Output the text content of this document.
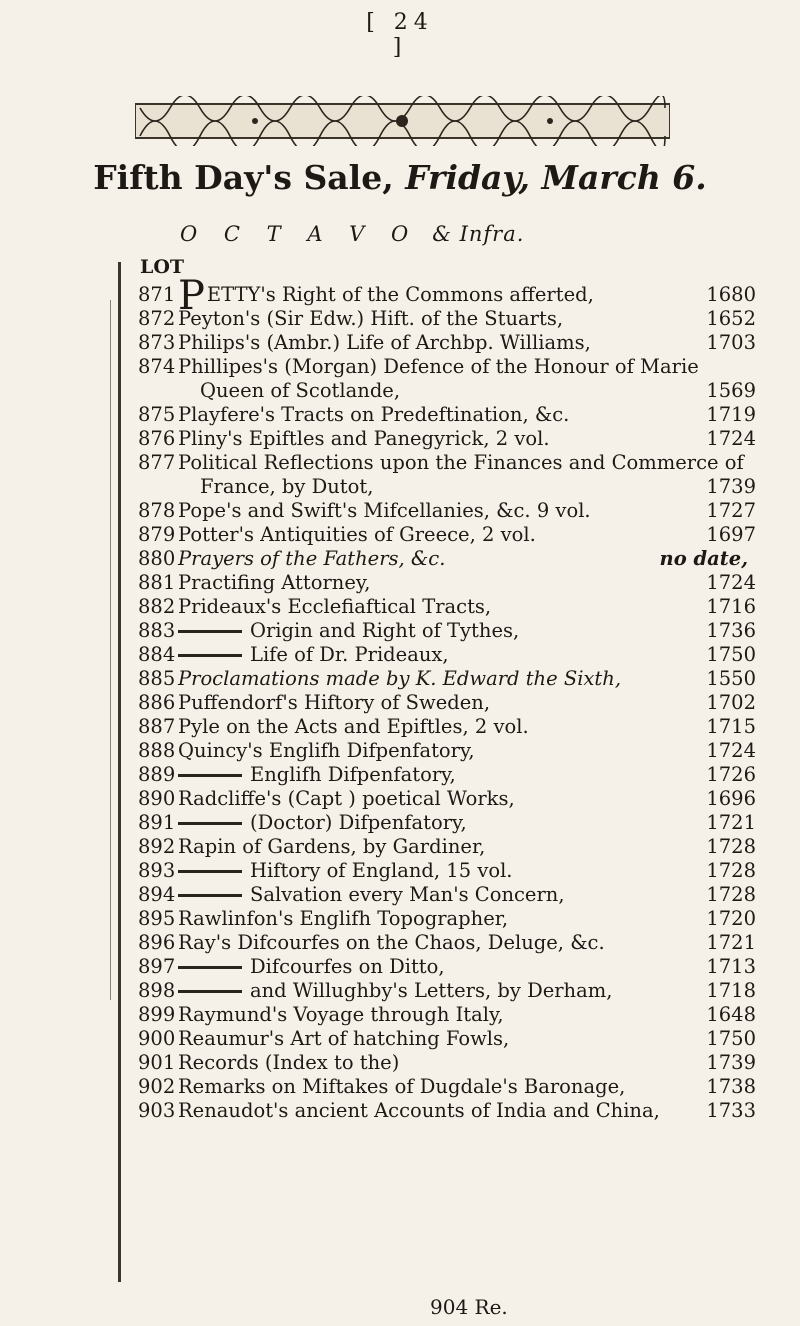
[ 24 ]
Fifth Day's Sale, Friday, March 6.
O C T A V O & Infra.
LOT
871 PETTY's Right of the Commons afferted,	1680
872 Peyton's (Sir Edw.) Hift. of the Stuarts,	1652
873 Philips's (Ambr.) Life of Archbp. Williams,	1703
874 Phillipes's (Morgan) Defence of the Honour of Marie
Queen of Scotlande,	1569
875 Playfere's Tracts on Predeftination, &c.	1719
876 Pliny's Epiftles and Panegyrick, 2 vol.	1724
877 Political Reflections upon the Finances and Commerce of
France, by Dutot,	1739
878 Pope's and Swift's Mifcellanies, &c. 9 vol.	1727
879 Potter's Antiquities of Greece, 2 vol.	1697
880 Prayers of the Fathers, &c.	no date,
881 Practifing Attorney,	1724
882 Prideaux's Ecclefiaftical Tracts,	1716
883	Origin and Right of Tythes,	1736
884	Life of Dr. Prideaux,	1750
885 Proclamations made by K. Edward the Sixth,	1550
886 Puffendorf's Hiftory of Sweden,	1702
887 Pyle on the Acts and Epiftles, 2 vol.	1715
888 Quincy's Englifh Difpenfatory,	1724
889	Englifh Difpenfatory,	1726
890 Radcliffe's (Capt ) poetical Works,	1696
891	(Doctor) Difpenfatory,	1721
892 Rapin of Gardens, by Gardiner,	1728
893	Hiftory of England, 15 vol.	1728
894	Salvation every Man's Concern,	1728
895 Rawlinfon's Englifh Topographer,	1720
896 Ray's Difcourfes on the Chaos, Deluge, &c.	1721
897	Difcourfes on Ditto,	1713
898	and Willughby's Letters, by Derham,	1718
899 Raymund's Voyage through Italy,	1648
900 Reaumur's Art of hatching Fowls,	1750
901 Records (Index to the)	1739
902 Remarks on Miftakes of Dugdale's Baronage,	1738
903 Renaudot's ancient Accounts of India and China, 1733
904 Re.
